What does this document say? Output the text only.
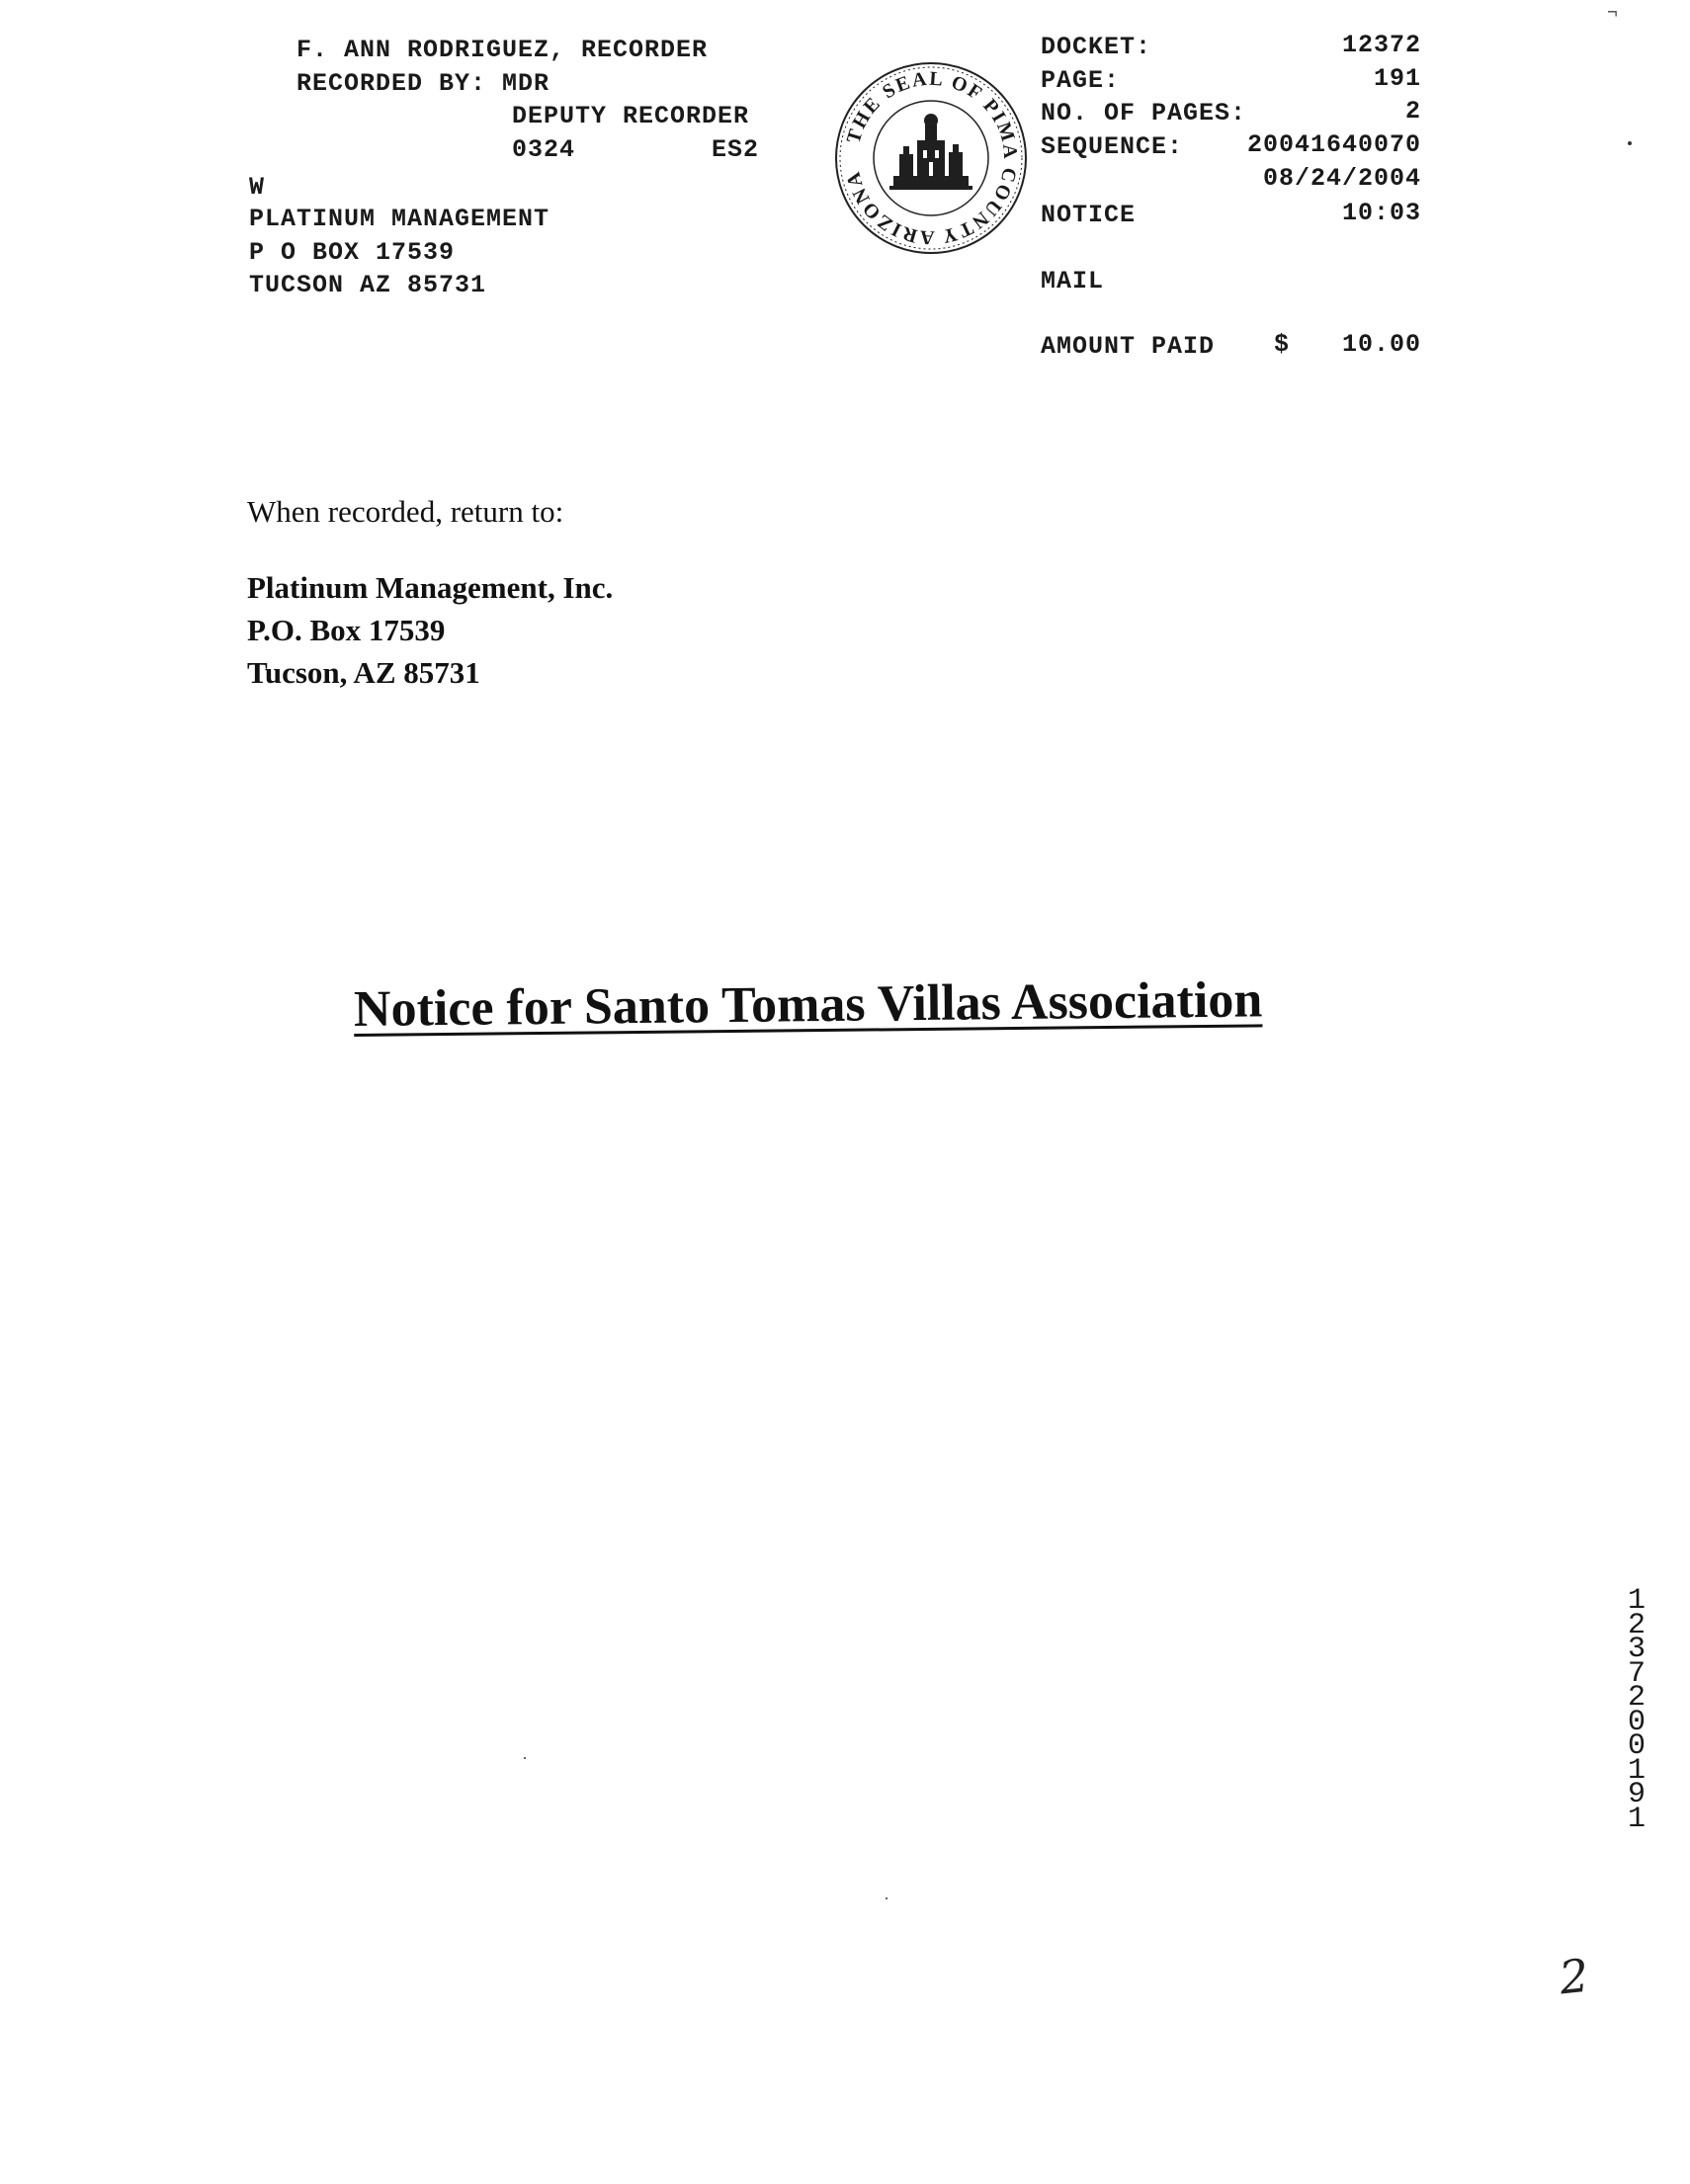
F. ANN RODRIGUEZ, RECORDER
RECORDED BY: MDR
DEPUTY RECORDER
0324	ES2
W
PLATINUM MANAGEMENT
P O BOX 17539
TUCSON AZ 85731
THE SEAL OF PIMA COUNTY ARIZONA
DOCKET:	12372
PAGE:	191
NO. OF PAGES:	2
SEQUENCE:	20041640070
08/24/2004
NOTICE	10:03
MAIL
AMOUNT PAID $	10.00
When recorded, return to:
Platinum Management, Inc.
P.O. Box 17539
Tucson, AZ 85731
Notice for Santo Tomas Villas Association
12372 00191
2
¬
